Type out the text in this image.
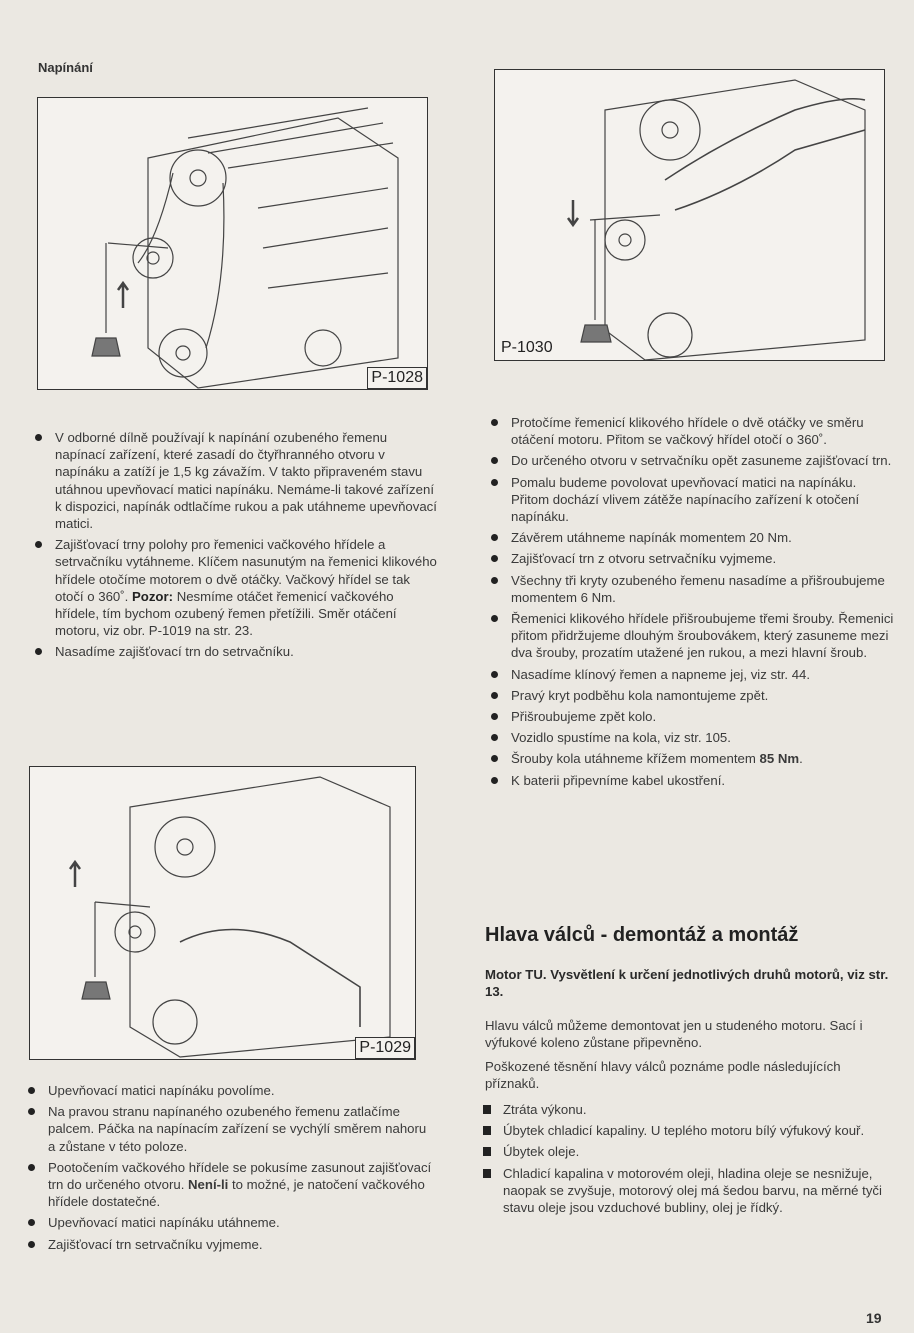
Napínání
P-1028
P-1030
V odborné dílně používají k napínání ozubeného řemenu napínací zařízení, které zasadí do čtyřhranného otvoru v napínáku a zatíží je 1,5 kg závažím. V takto připraveném stavu utáhnou upevňovací matici napínáku. Nemáme-li takové zařízení k dispozici, napínák odtlačíme rukou a pak utáhneme upevňovací matici.
Zajišťovací trny polohy pro řemenici vačkového hřídele a setrvačníku vytáhneme. Klíčem nasunutým na řemenici klikového hřídele otočíme motorem o dvě otáčky. Vačkový hřídel se tak otočí o 360˚. Pozor: Nesmíme otáčet řemenicí vačkového hřídele, tím bychom ozubený řemen přetížili. Směr otáčení motoru, viz obr. P-1019 na str. 23.
Nasadíme zajišťovací trn do setrvačníku.
P-1029
Upevňovací matici napínáku povolíme.
Na pravou stranu napínaného ozubeného řemenu zatlačíme palcem. Páčka na napínacím zařízení se vychýlí směrem nahoru a zůstane v této poloze.
Pootočením vačkového hřídele se pokusíme zasunout zajišťovací trn do určeného otvoru. Není-li to možné, je natočení vačkového hřídele dostatečné.
Upevňovací matici napínáku utáhneme.
Zajišťovací trn setrvačníku vyjmeme.
Protočíme řemenicí klikového hřídele o dvě otáčky ve směru otáčení motoru. Přitom se vačkový hřídel otočí o 360˚.
Do určeného otvoru v setrvačníku opět zasuneme zajišťovací trn.
Pomalu budeme povolovat upevňovací matici na napínáku. Přitom dochází vlivem zátěže napínacího zařízení k otočení napínáku.
Závěrem utáhneme napínák momentem 20 Nm.
Zajišťovací trn z otvoru setrvačníku vyjmeme.
Všechny tři kryty ozubeného řemenu nasadíme a přišroubujeme momentem 6 Nm.
Řemenici klikového hřídele přišroubujeme třemi šrouby. Řemenici přitom přidržujeme dlouhým šroubovákem, který zasuneme mezi dva šrouby, prozatím utažené jen rukou, a mezi hlavní šroub.
Nasadíme klínový řemen a napneme jej, viz str. 44.
Pravý kryt podběhu kola namontujeme zpět.
Přišroubujeme zpět kolo.
Vozidlo spustíme na kola, viz str. 105.
Šrouby kola utáhneme křížem momentem 85 Nm.
K baterii připevníme kabel ukostření.
Hlava válců - demontáž a montáž
Motor TU. Vysvětlení k určení jednotlivých druhů motorů, viz str. 13.
Hlavu válců můžeme demontovat jen u studeného motoru. Sací i výfukové koleno zůstane připevněno.
Poškozené těsnění hlavy válců poznáme podle následujících příznaků.
Ztráta výkonu.
Úbytek chladicí kapaliny. U teplého motoru bílý výfukový kouř.
Úbytek oleje.
Chladicí kapalina v motorovém oleji, hladina oleje se nesnižuje, naopak se zvyšuje, motorový olej má šedou barvu, na měrné tyči stavu oleje jsou vzduchové bubliny, olej je řídký.
19
